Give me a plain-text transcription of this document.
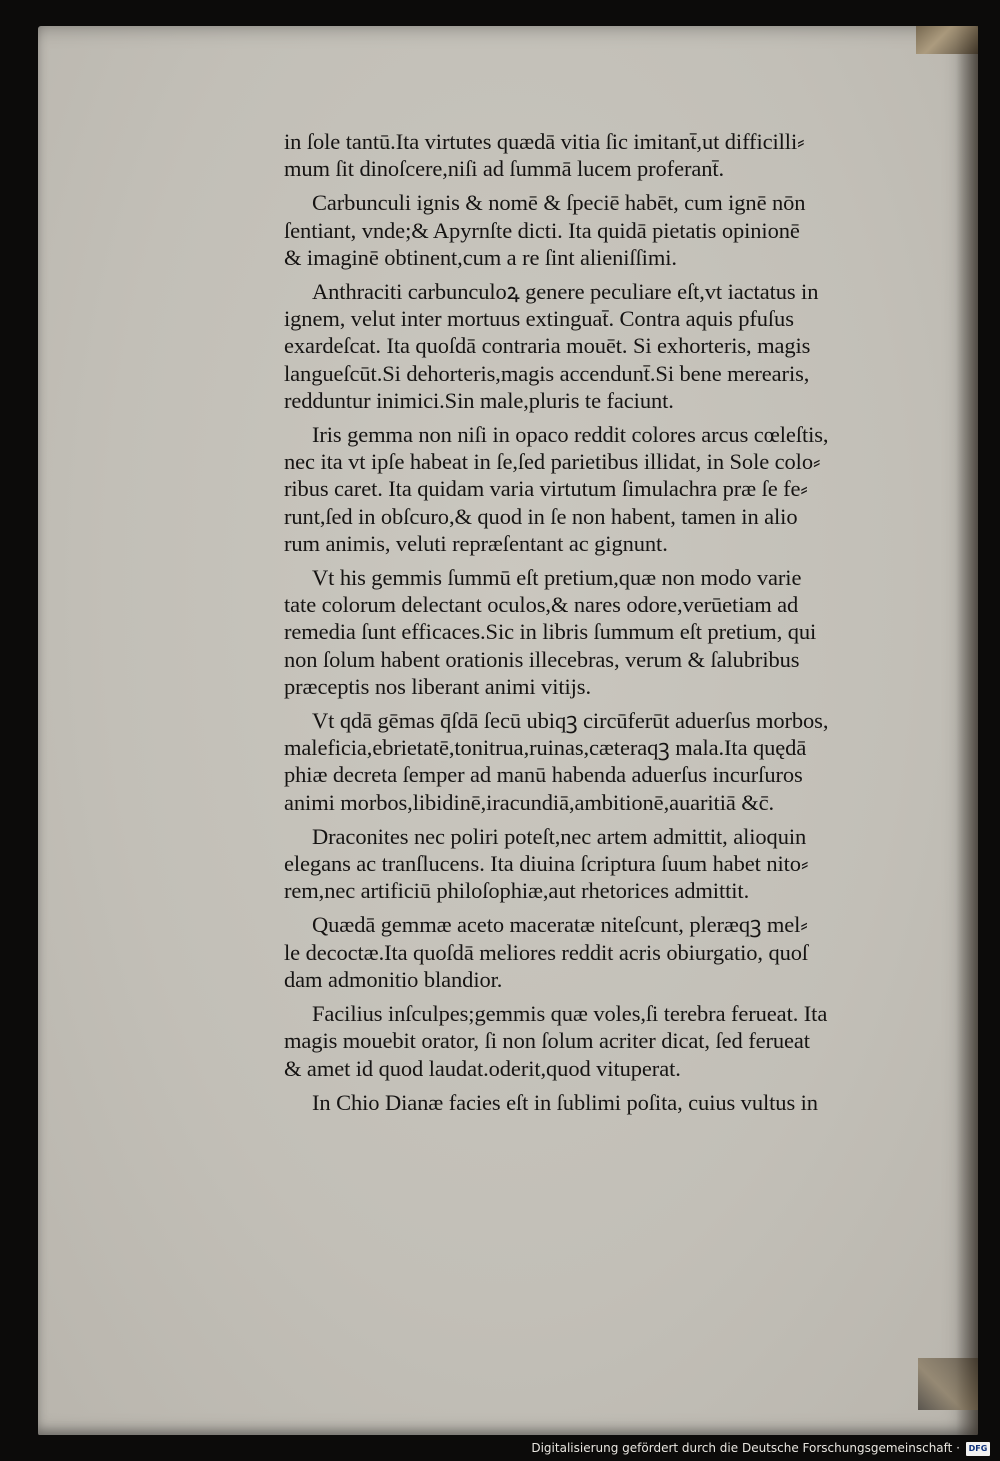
in ſole tantū.Ita virtutes quædā vitia ſic imitant̄,ut difficilli⸗
mum ſit dinoſcere,niſi ad ſummā lucem proferant̄.
Carbunculi ignis & nomē & ſpeciē habēt, cum ignē nōn
ſentiant, vnde;& Apyrnſte dicti. Ita quidā pietatis opinionē
& imaginē obtinent,cum a re ſint alieniſſimi.
Anthraciti carbunculoꝝ genere peculiare eſt,vt iactatus in
ignem, velut inter mortuus extinguat̄. Contra aquis pfuſus
exardeſcat. Ita quoſdā contraria mouēt. Si exhorteris, magis
langueſcūt.Si dehorteris,magis accendunt̄.Si bene merearis,
redduntur inimici.Sin male,pluris te faciunt.
Iris gemma non niſi in opaco reddit colores arcus cœleſtis,
nec ita vt ipſe habeat in ſe,ſed parietibus illidat, in Sole colo⸗
ribus caret. Ita quidam varia virtutum ſimulachra præ ſe fe⸗
runt,ſed in obſcuro,& quod in ſe non habent, tamen in alio
rum animis, veluti repræſentant ac gignunt.
Vt his gemmis ſummū eſt pretium,quæ non modo varie
tate colorum delectant oculos,& nares odore,verūetiam ad
remedia ſunt efficaces.Sic in libris ſummum eſt pretium, qui
non ſolum habent orationis illecebras, verum & ſalubribus
præceptis nos liberant animi vitijs.
Vt qdā gēmas q̄ſdā ſecū ubiqꝫ circūferūt aduerſus morbos,
maleficia,ebrietatē,tonitrua,ruinas,cæteraqꝫ mala.Ita quędā
phiæ decreta ſemper ad manū habenda aduerſus incurſuros
animi morbos,libidinē,iracundiā,ambitionē,auaritiā &c̄.
Draconites nec poliri poteſt,nec artem admittit, alioquin
elegans ac tranſlucens. Ita diuina ſcriptura ſuum habet nito⸗
rem,nec artificiū philoſophiæ,aut rhetorices admittit.
Quædā gemmæ aceto maceratæ niteſcunt, pleræqꝫ mel⸗
le decoctæ.Ita quoſdā meliores reddit acris obiurgatio, quoſ
dam admonitio blandior.
Facilius inſculpes;gemmis quæ voles,ſi terebra ferueat. Ita
magis mouebit orator, ſi non ſolum acriter dicat, ſed ferueat
& amet id quod laudat.oderit,quod vituperat.
In Chio Dianæ facies eſt in ſublimi poſita, cuius vultus in
Digitalisierung gefördert durch die Deutsche Forschungsgemeinschaft ·	DFG
